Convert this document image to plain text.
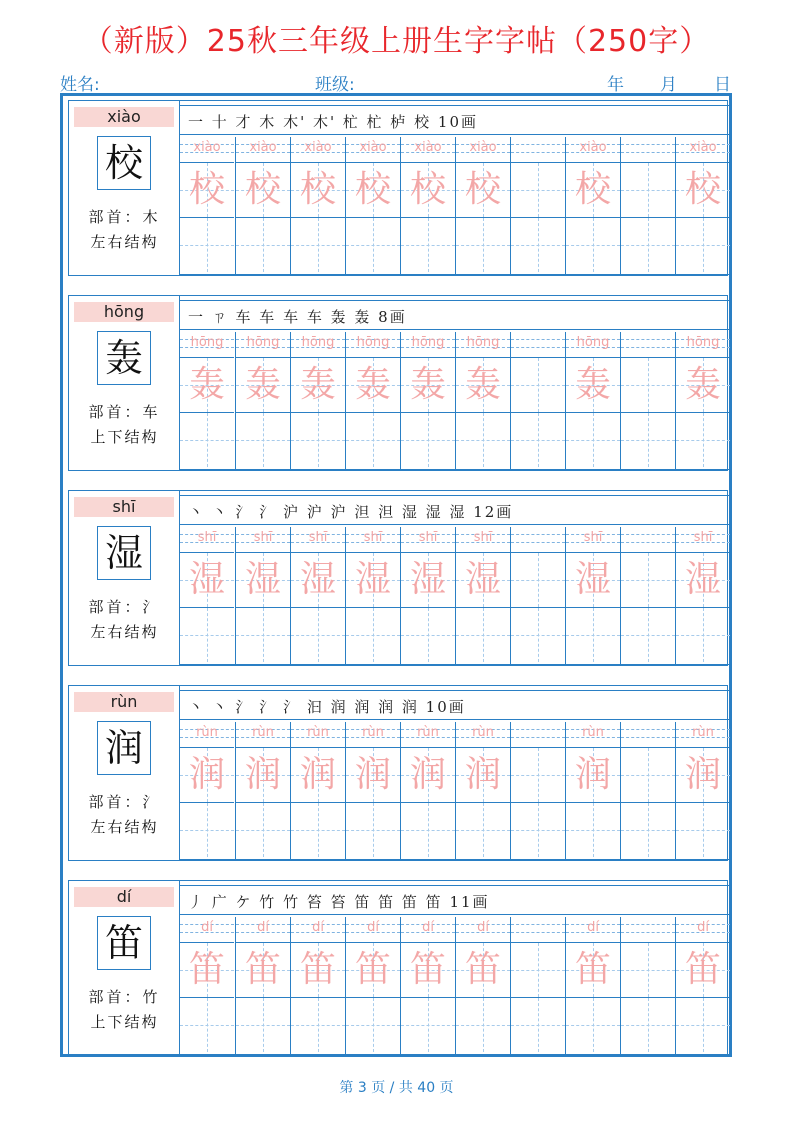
（新版）25秋三年级上册生字字帖（250字）
姓名:	班级:	年 月 日
xiào
校
部首：木
左右结构
一 十 才 木 木' 木' 杧 杧 栌 校 10画
xiào
校
xiào
校
xiào
校
xiào
校
xiào
校
xiào
校
xiào
校
xiào
校
hōng
轰
部首：车
上下结构
一 ㄗ 车 车 车 车 轰 轰 8画
hōng
轰
hōng
轰
hōng
轰
hōng
轰
hōng
轰
hōng
轰
hōng
轰
hōng
轰
shī
湿
部首：氵
左右结构
丶 丶 氵 氵 沪 沪 沪 泹 泹 湿 湿 湿 12画
shī
湿
shī
湿
shī
湿
shī
湿
shī
湿
shī
湿
shī
湿
shī
湿
rùn
润
部首：氵
左右结构
丶 丶 氵 氵 氵 汩 润 润 润 润 10画
rùn
润
rùn
润
rùn
润
rùn
润
rùn
润
rùn
润
rùn
润
rùn
润
dí
笛
部首：竹
上下结构
丿 广 ケ 竹 竹 笞 笞 笛 笛 笛 笛 11画
dí
笛
dí
笛
dí
笛
dí
笛
dí
笛
dí
笛
dí
笛
dí
笛
第 3 页 / 共 40 页
